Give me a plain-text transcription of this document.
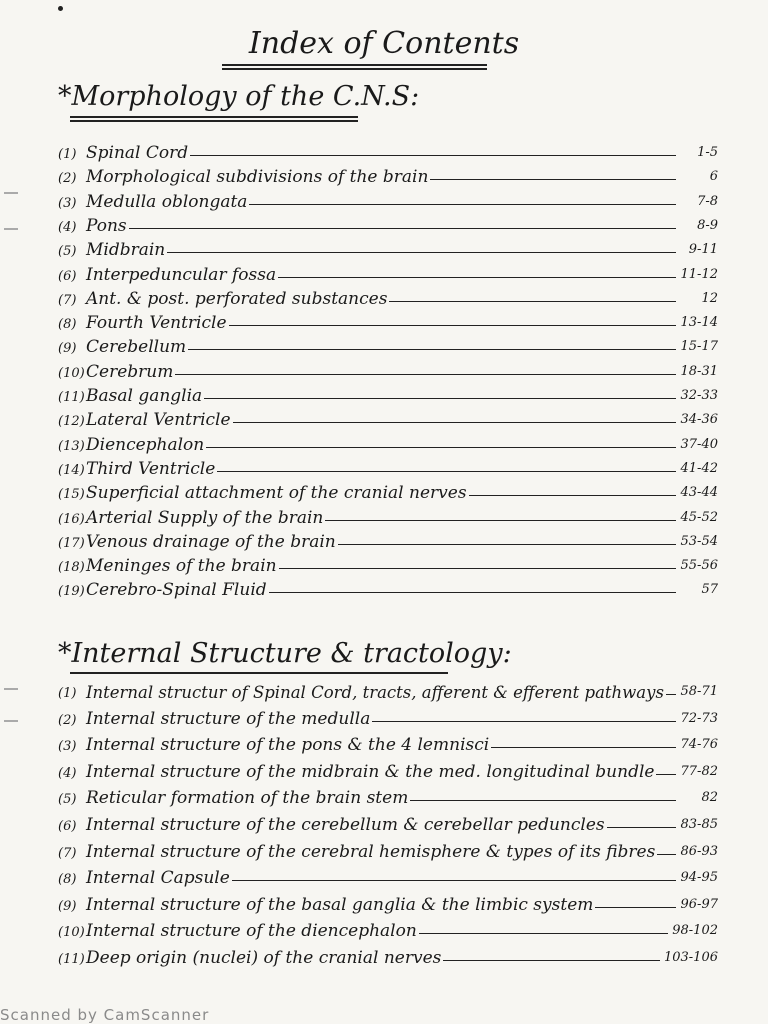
Index of Contents
*Morphology of the C.N.S:
(1) Spinal Cord	1-5
(2) Morphological subdivisions of the brain	6
(3) Medulla oblongata	7-8
(4) Pons	8-9
(5) Midbrain	9-11
(6) Interpeduncular fossa	11-12
(7) Ant. & post. perforated substances	12
(8) Fourth Ventricle	13-14
(9) Cerebellum	15-17
(10) Cerebrum	18-31
(11) Basal ganglia	32-33
(12) Lateral Ventricle	34-36
(13) Diencephalon	37-40
(14) Third Ventricle	41-42
(15) Superficial attachment of the cranial nerves	43-44
(16) Arterial Supply of the brain	45-52
(17) Venous drainage of the brain	53-54
(18) Meninges of the brain	55-56
(19) Cerebro-Spinal Fluid	57
*Internal Structure & tractology:
(1) Internal structur of Spinal Cord, tracts, afferent & efferent pathways 58-71
(2) Internal structure of the medulla	72-73
(3) Internal structure of the pons & the 4 lemnisci	74-76
(4) Internal structure of the midbrain & the med. longitudinal bundle 77-82
(5) Reticular formation of the brain stem	82
(6) Internal structure of the cerebellum & cerebellar peduncles	83-85
(7) Internal structure of the cerebral hemisphere & types of its fibres 86-93
(8) Internal Capsule	94-95
(9) Internal structure of the basal ganglia & the limbic system	96-97
(10) Internal structure of the diencephalon	98-102
(11) Deep origin (nuclei) of the cranial nerves	103-106
Scanned by CamScanner
